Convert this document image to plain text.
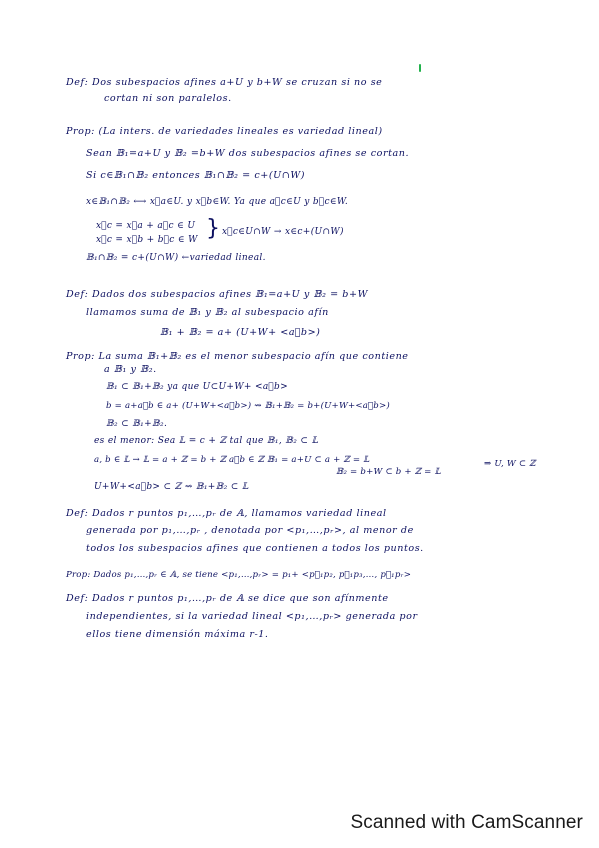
Def: Dos subespacios afines a+U y b+W se cruzan si no se
cortan ni son paralelos.
Prop: (La inters. de variedades lineales es variedad lineal)
Sean 𝔹₁=a+U y 𝔹₂ =b+W dos subespacios afines se cortan.
Si c∈𝔹₁∩𝔹₂ entonces 𝔹₁∩𝔹₂ = c+(U∩W)
x∈𝔹₁∩𝔹₂ ⟷ x⃗a∈U. y x⃗b∈W. Ya que a⃗c∈U y b⃗c∈W.
x⃗c = x⃗a + a⃗c ∈ U
x⃗c = x⃗b + b⃗c ∈ W } x⃗c∈U∩W → x∈c+(U∩W)
𝔹₁∩𝔹₂ = c+(U∩W) ←variedad lineal.
Def: Dados dos subespacios afines 𝔹₁=a+U y 𝔹₂ = b+W
llamamos suma de 𝔹₁ y 𝔹₂ al subespacio afín
𝔹₁ + 𝔹₂ = a+ (U+W+ <a⃗b>)
Prop: La suma 𝔹₁+𝔹₂ es el menor subespacio afín que contiene
a 𝔹₁ y 𝔹₂.
𝔹₁ ⊂ 𝔹₁+𝔹₂ ya que U⊂U+W+ <a⃗b>
b = a+a⃗b ∈ a+ (U+W+<a⃗b>) ⇝ 𝔹₁+𝔹₂ = b+(U+W+<a⃗b>)
𝔹₂ ⊂ 𝔹₁+𝔹₂.
es el menor: Sea 𝕃 = c + ℤ tal que 𝔹₁, 𝔹₂ ⊂ 𝕃
a, b ∈ 𝕃 → 𝕃 = a + ℤ = b + ℤ a⃗b ∈ ℤ 𝔹₁ = a+U ⊂ a + ℤ = 𝕃
𝔹₂ = b+W ⊂ b + ℤ = 𝕃
⇒ U, W ⊂ ℤ
U+W+<a⃗b> ⊂ ℤ ⇝ 𝔹₁+𝔹₂ ⊂ 𝕃
Def: Dados r puntos p₁,…,pᵣ de 𝔸, llamamos variedad lineal
generada por p₁,…,pᵣ , denotada por <p₁,…,pᵣ>, al menor de
todos los subespacios afines que contienen a todos los puntos.
Prop: Dados p₁,…,pᵣ ∈ 𝔸, se tiene <p₁,…,pᵣ> = p₁+ <p⃗₁p₂, p⃗₁p₃,…, p⃗₁pᵣ>
Def: Dados r puntos p₁,…,pᵣ de 𝔸 se dice que son afínmente
independientes, si la variedad lineal <p₁,…,pᵣ> generada por
ellos tiene dimensión máxima r-1.
Scanned with CamScanner
